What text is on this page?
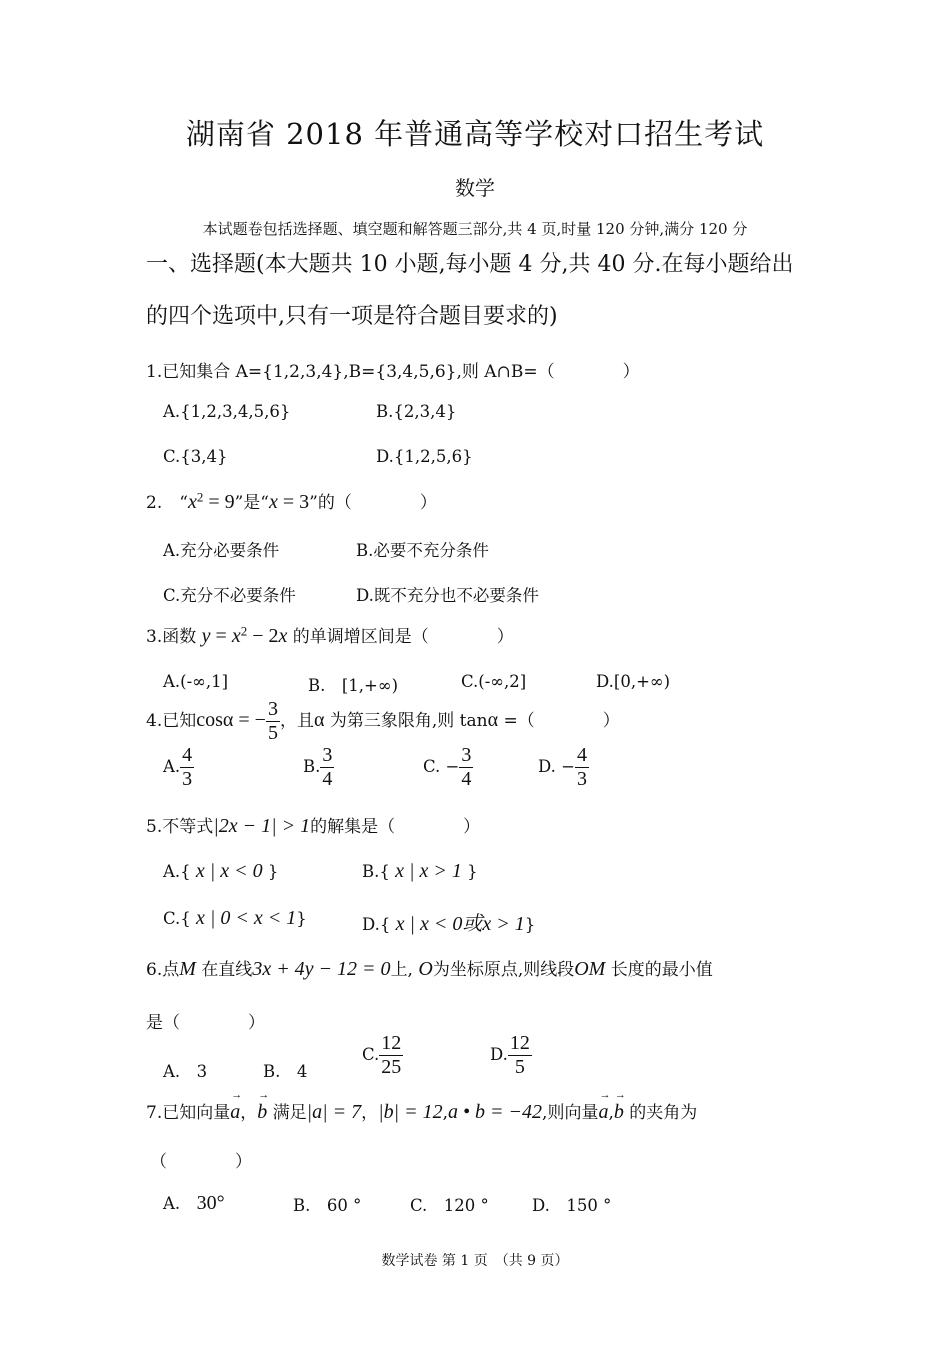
湖南省 2018 年普通高等学校对口招生考试
数学
本试题卷包括选择题、填空题和解答题三部分,共 4 页,时量 120 分钟,满分 120 分
一、选择题(本大题共 10 小题,每小题 4 分,共 40 分.在每小题给出
的四个选项中,只有一项是符合题目要求的)
1.已知集合 A={1,2,3,4},B={3,4,5,6},则 A∩B=（　　　　）
A.{1,2,3,4,5,6}	B.{2,3,4}
C.{3,4}	D.{1,2,5,6}
2.　 “$x^2 = 9$”是“x = 3”的（　　　　）
A.充分必要条件	B.必要不充分条件
C.充分不必要条件	D.既不充分也不必要条件
3.函数 $y = x^2 - 2x$ 的单调增区间是（　　　　）
A.(-∞,1]	B.　[1,+∞)	C.(-∞,2]	D.[0,+∞)
4.已知cosα = − $\frac{3}{5}$ ，且α 为第三象限角,则 tanα =（　　　　）
A. $\frac{4}{3}$	B. $\frac{3}{4}$	C. − $\frac{3}{4}$	D. − $\frac{4}{3}$
5.不等式|2x − 1| > 1的解集是（　　　　）
A.{ x | x < 0 }	B.{ x | x > 1 }
C.{ x | 0 < x < 1}	D.{ x | x < 0或x > 1}
6.点M 在直线3x + 4y − 12 = 0上, O为坐标原点,则线段OM 长度的最小值
是（　　　　）
A.　3	B.　4
C. $\frac{12}{25}$	D. $\frac{12}{5}$
7.已知向量→ a，→ b 满足|a| = 7，|b| = 12,a • b = −42,则向量→ a,→ b 的夹角为
（　　　　）
A.　 30°	B.　60 °	C.　120 °	D.　150 °
数学试卷 第 1 页　（共 9 页）
